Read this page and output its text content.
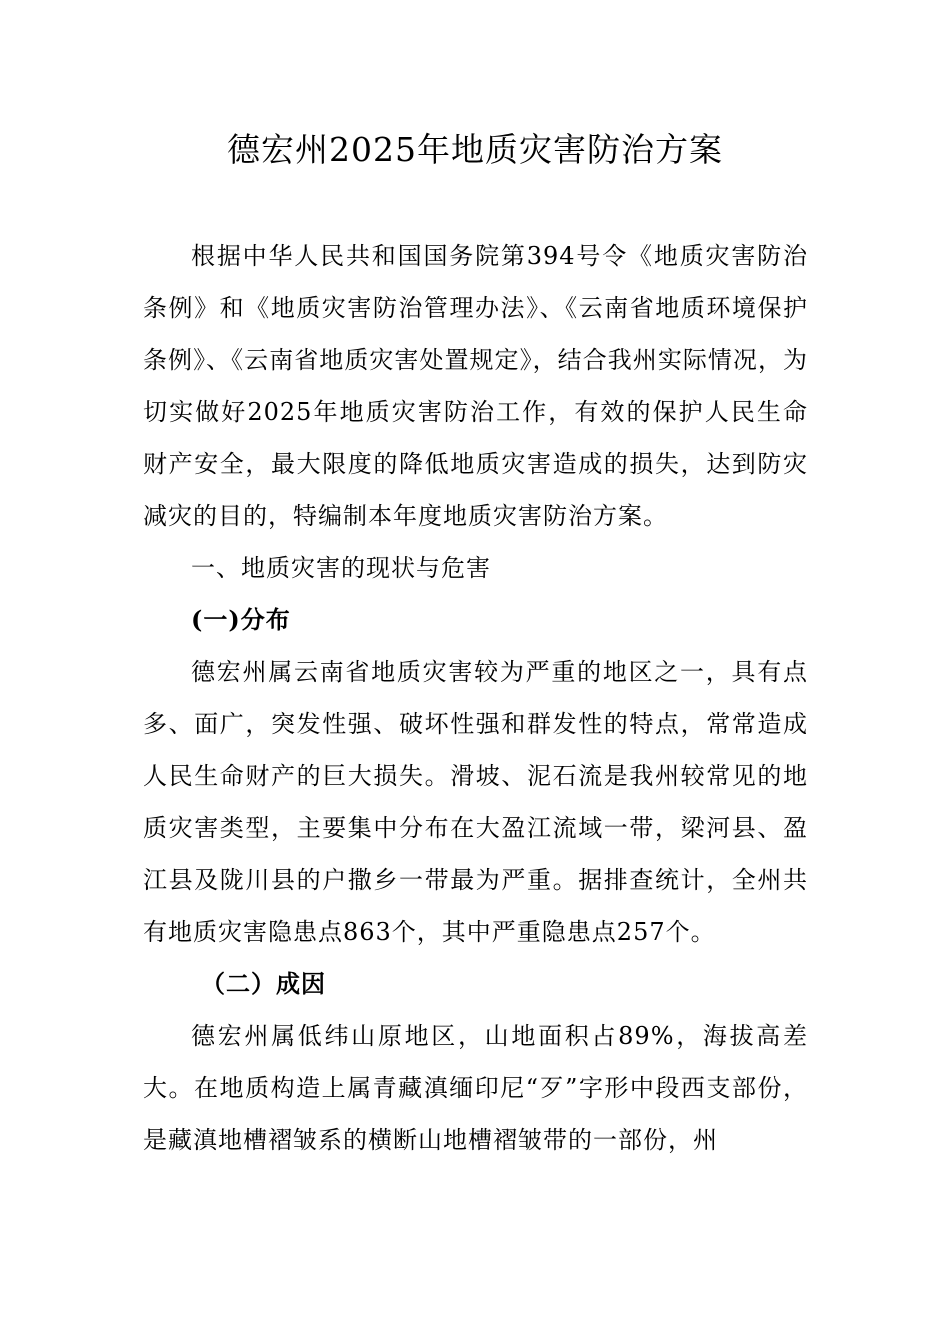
德宏州2025年地质灾害防治方案

根据中华人民共和国国务院第394号令《地质灾害防治条例》和《地质灾害防治管理办法》、《云南省地质环境保护条例》、《云南省地质灾害处置规定》，结合我州实际情况，为切实做好2025年地质灾害防治工作，有效的保护人民生命财产安全，最大限度的降低地质灾害造成的损失，达到防灾减灾的目的，特编制本年度地质灾害防治方案。

一、地质灾害的现状与危害

(一)分布

德宏州属云南省地质灾害较为严重的地区之一，具有点多、面广，突发性强、破坏性强和群发性的特点，常常造成人民生命财产的巨大损失。滑坡、泥石流是我州较常见的地质灾害类型，主要集中分布在大盈江流域一带，梁河县、盈江县及陇川县的户撒乡一带最为严重。据排查统计，全州共有地质灾害隐患点863个，其中严重隐患点257个。

（二）成因

德宏州属低纬山原地区，山地面积占89%，海拔高差大。在地质构造上属青藏滇缅印尼“歹”字形中段西支部份，是藏滇地槽褶皱系的横断山地槽褶皱带的一部份，州
